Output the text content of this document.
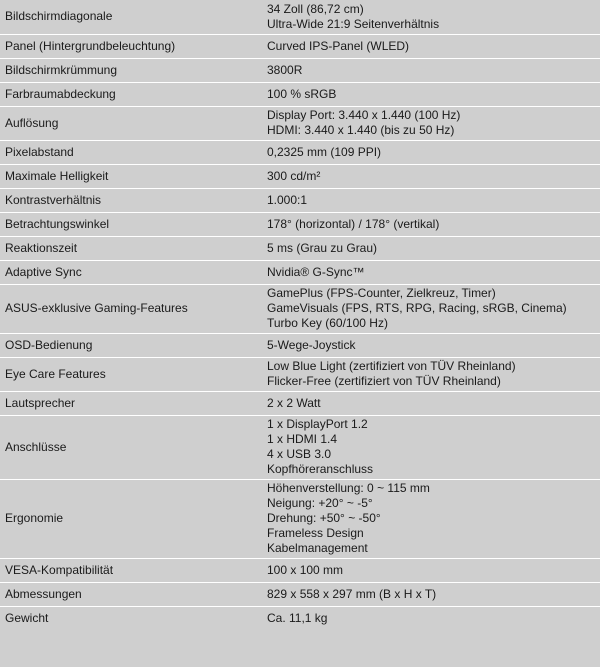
Bildschirmdiagonale	34 Zoll (86,72 cm)
Ultra-Wide 21:9 Seitenverhältnis

Panel (Hintergrundbeleuchtung)	Curved IPS-Panel (WLED)

Bildschirmkrümmung	3800R

Farbraumabdeckung	100 % sRGB

Auflösung	Display Port: 3.440 x 1.440 (100 Hz)
HDMI: 3.440 x 1.440 (bis zu 50 Hz)

Pixelabstand	0,2325 mm (109 PPI)

Maximale Helligkeit	300 cd/m²

Kontrastverhältnis	1.000:1

Betrachtungswinkel	178° (horizontal) / 178° (vertikal)

Reaktionszeit	5 ms (Grau zu Grau)

Adaptive Sync	Nvidia® G-Sync™

ASUS-exklusive Gaming-Features	GamePlus (FPS-Counter, Zielkreuz, Timer)
GameVisuals (FPS, RTS, RPG, Racing, sRGB, Cinema)
Turbo Key (60/100 Hz)

OSD-Bedienung	5-Wege-Joystick

Eye Care Features	Low Blue Light (zertifiziert von TÜV Rheinland)
Flicker-Free (zertifiziert von TÜV Rheinland)

Lautsprecher	2 x 2 Watt

Anschlüsse	1 x DisplayPort 1.2
1 x HDMI 1.4
4 x USB 3.0
Kopfhöreranschluss

Ergonomie	Höhenverstellung: 0 ~ 115 mm
Neigung: +20° ~ -5°
Drehung: +50° ~ -50°
Frameless Design
Kabelmanagement

VESA-Kompatibilität	100 x 100 mm

Abmessungen	829 x 558 x 297 mm (B x H x T)

Gewicht	Ca. 11,1 kg
